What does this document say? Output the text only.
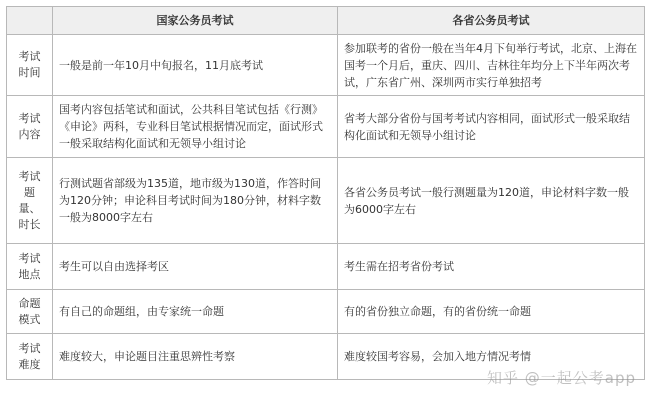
	国家公务员考试	各省公务员考试
考试
时间	一般是前一年10月中旬报名，11月底考试	参加联考的省份一般在当年4月下旬举行考试，北京、上海在国考一个月后，重庆、四川、吉林往年均分上下半年两次考试，广东省广州、深圳两市实行单独招考
考试
内容	国考内容包括笔试和面试，公共科目笔试包括《行测》《申论》两科，专业科目笔试根据情况而定，面试形式一般采取结构化面试和无领导小组讨论	省考大部分省份与国考考试内容相同，面试形式一般采取结构化面试和无领导小组讨论
考试
题
量、
时长	行测试题省部级为135道，地市级为130道，作答时间为120分钟；申论科目考试时间为180分钟，材料字数一般为8000字左右	各省公务员考试一般行测题量为120道，申论材料字数一般为6000字左右
考试
地点	考生可以自由选择考区	考生需在招考省份考试
命题
模式	有自己的命题组，由专家统一命题	有的省份独立命题，有的省份统一命题
考试
难度	难度较大，申论题目注重思辨性考察	难度较国考容易，会加入地方情况考情
知乎 @一起公考app
